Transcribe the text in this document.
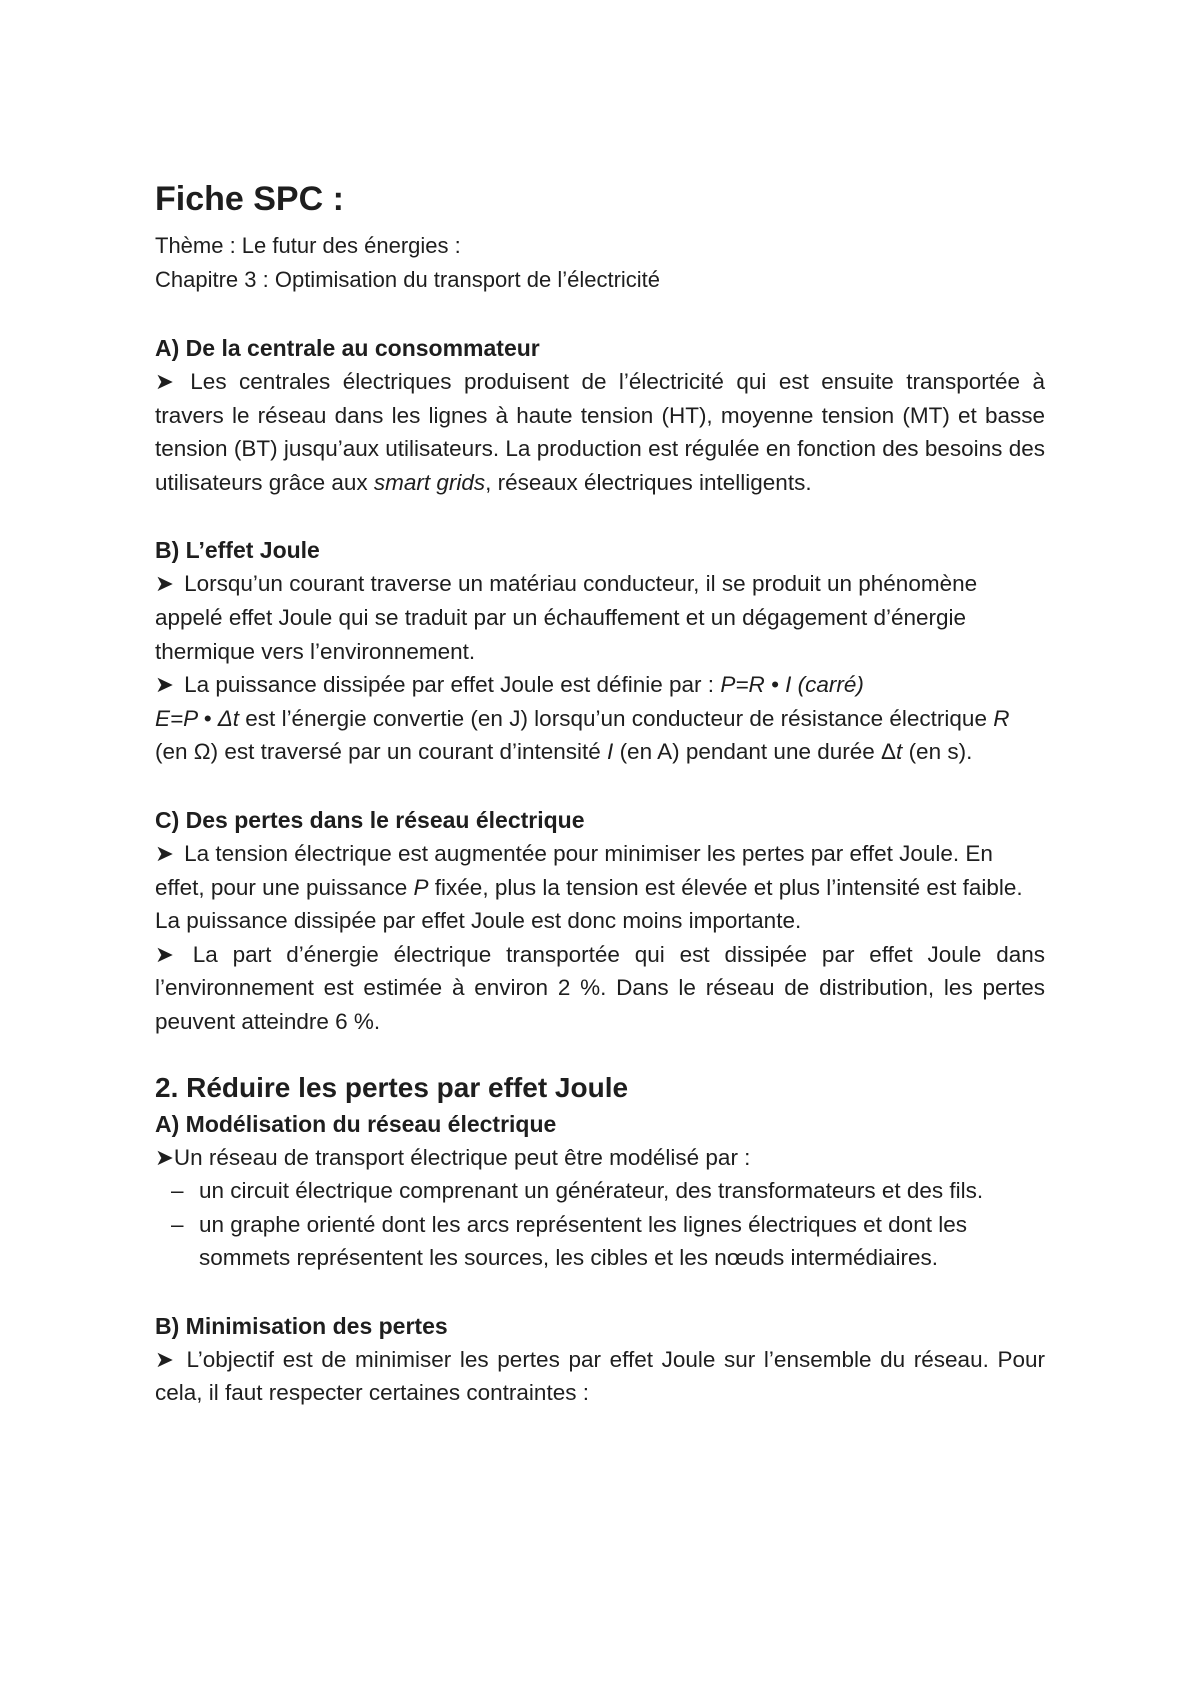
Fiche SPC :

Thème : Le futur des énergies :

Chapitre 3 : Optimisation du transport de l’électricité

A) De la centrale au consommateur

➤ Les centrales électriques produisent de l’électricité qui est ensuite transportée à travers le réseau dans les lignes à haute tension (HT), moyenne tension (MT) et basse tension (BT) jusqu’aux utilisateurs. La production est régulée en fonction des besoins des utilisateurs grâce aux smart grids, réseaux électriques intelligents.

B) L’effet Joule

➤ Lorsqu’un courant traverse un matériau conducteur, il se produit un phénomène appelé effet Joule qui se traduit par un échauffement et un dégagement d’énergie thermique vers l’environnement.

➤ La puissance dissipée par effet Joule est définie par : P=R • I (carré)

E=P • Δt est l’énergie convertie (en J) lorsqu’un conducteur de résistance électrique R (en Ω) est traversé par un courant d’intensité I (en A) pendant une durée Δt (en s).

C) Des pertes dans le réseau électrique

➤ La tension électrique est augmentée pour minimiser les pertes par effet Joule. En effet, pour une puissance P fixée, plus la tension est élevée et plus l’intensité est faible. La puissance dissipée par effet Joule est donc moins importante.

➤ La part d’énergie électrique transportée qui est dissipée par effet Joule dans l’environnement est estimée à environ 2 %. Dans le réseau de distribution, les pertes peuvent atteindre 6 %.

2. Réduire les pertes par effet Joule
A) Modélisation du réseau électrique

➤Un réseau de transport électrique peut être modélisé par :

– un circuit électrique comprenant un générateur, des transformateurs et des fils.
– un graphe orienté dont les arcs représentent les lignes électriques et dont les sommets représentent les sources, les cibles et les nœuds intermédiaires.
B) Minimisation des pertes

➤ L’objectif est de minimiser les pertes par effet Joule sur l’ensemble du réseau. Pour cela, il faut respecter certaines contraintes :
